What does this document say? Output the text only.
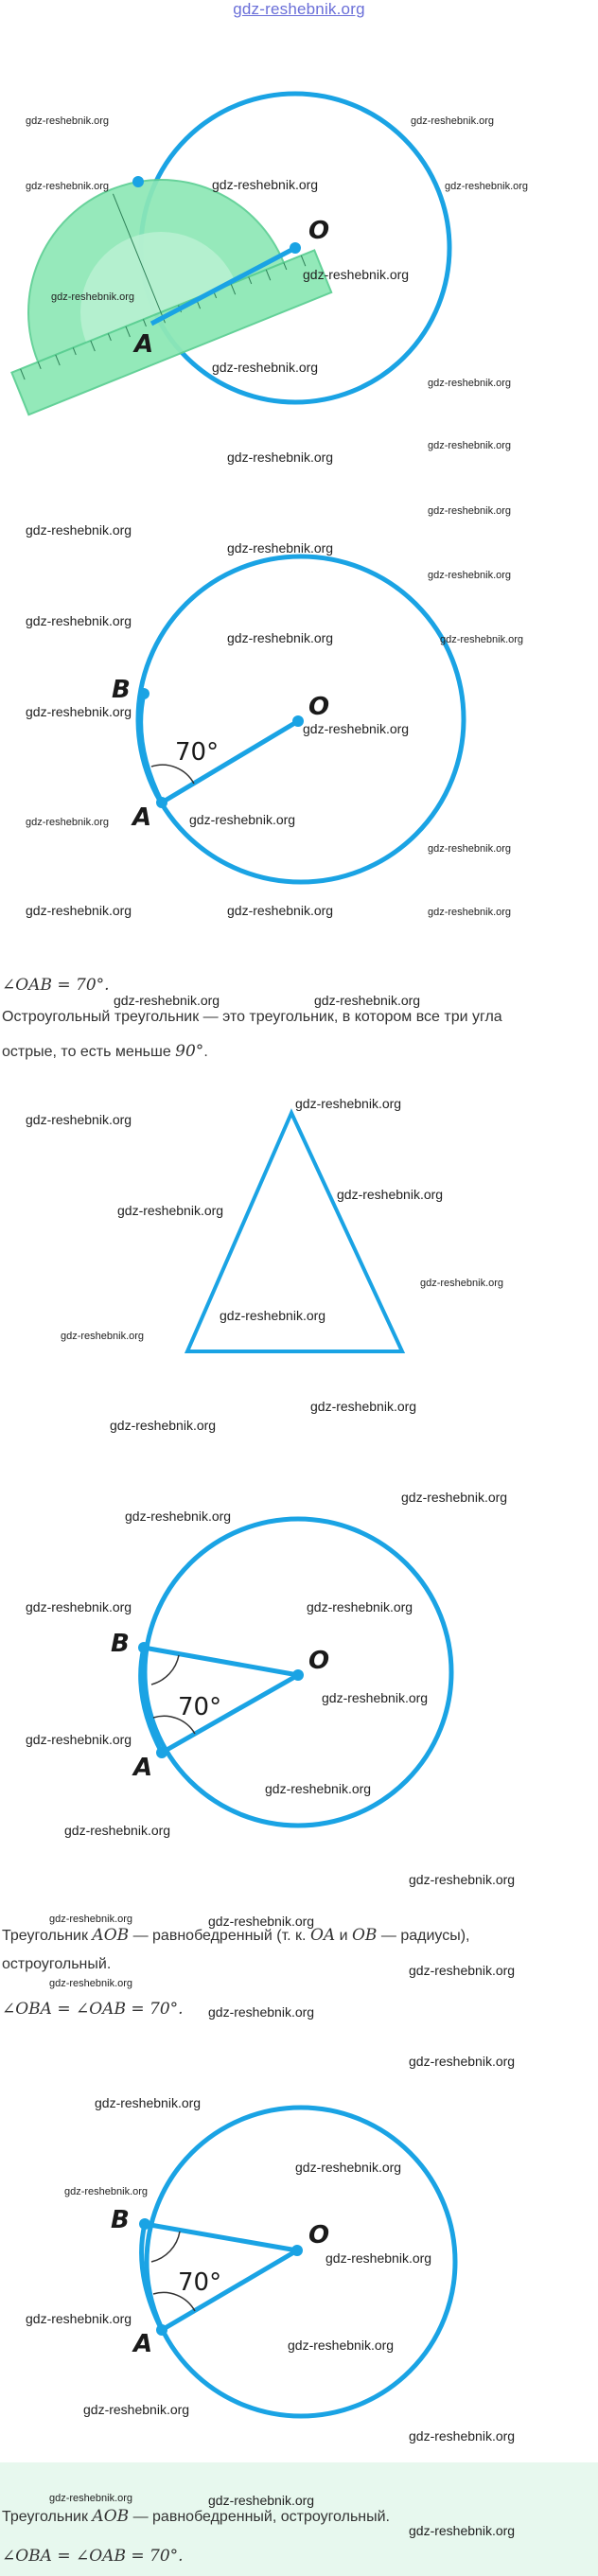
gdz-reshebnik.org
O
A
O
A
B
70°
∠OAB = 70°.
Остроугольный треугольник — это треугольник, в котором все три угла
острые, то есть меньше 90°.
O
A
B
70°
Треугольник AOB — равнобедренный (т. к. OA и OB — радиусы),
остроугольный.
∠OBA = ∠OAB = 70°.
O
A
B
70°
Треугольник AOB — равнобедренный, остроугольный.
∠OBA = ∠OAB = 70°.
gdz-reshebnik.org	gdz-reshebnik.org
gdz-reshebnik.org	gdz-reshebnik.org	gdz-reshebnik.org
gdz-reshebnik.org
gdz-reshebnik.org
gdz-reshebnik.org
gdz-reshebnik.org
gdz-reshebnik.org
gdz-reshebnik.org
gdz-reshebnik.org
gdz-reshebnik.org
gdz-reshebnik.org
gdz-reshebnik.org
gdz-reshebnik.org
gdz-reshebnik.org	gdz-reshebnik.org
gdz-reshebnik.org
gdz-reshebnik.org
gdz-reshebnik.org	gdz-reshebnik.org
gdz-reshebnik.org
gdz-reshebnik.org	gdz-reshebnik.org	gdz-reshebnik.org
gdz-reshebnik.org	gdz-reshebnik.org
gdz-reshebnik.org
gdz-reshebnik.org
gdz-reshebnik.org
gdz-reshebnik.org
gdz-reshebnik.org
gdz-reshebnik.org
gdz-reshebnik.org
gdz-reshebnik.org
gdz-reshebnik.org
gdz-reshebnik.org
gdz-reshebnik.org
gdz-reshebnik.org	gdz-reshebnik.org
gdz-reshebnik.org
gdz-reshebnik.org
gdz-reshebnik.org
gdz-reshebnik.org
gdz-reshebnik.org
gdz-reshebnik.org	gdz-reshebnik.org
gdz-reshebnik.org
gdz-reshebnik.org
gdz-reshebnik.org
gdz-reshebnik.org
gdz-reshebnik.org
gdz-reshebnik.org
gdz-reshebnik.org
gdz-reshebnik.org
gdz-reshebnik.org
gdz-reshebnik.org
gdz-reshebnik.org
gdz-reshebnik.org
gdz-reshebnik.org	gdz-reshebnik.org
gdz-reshebnik.org
